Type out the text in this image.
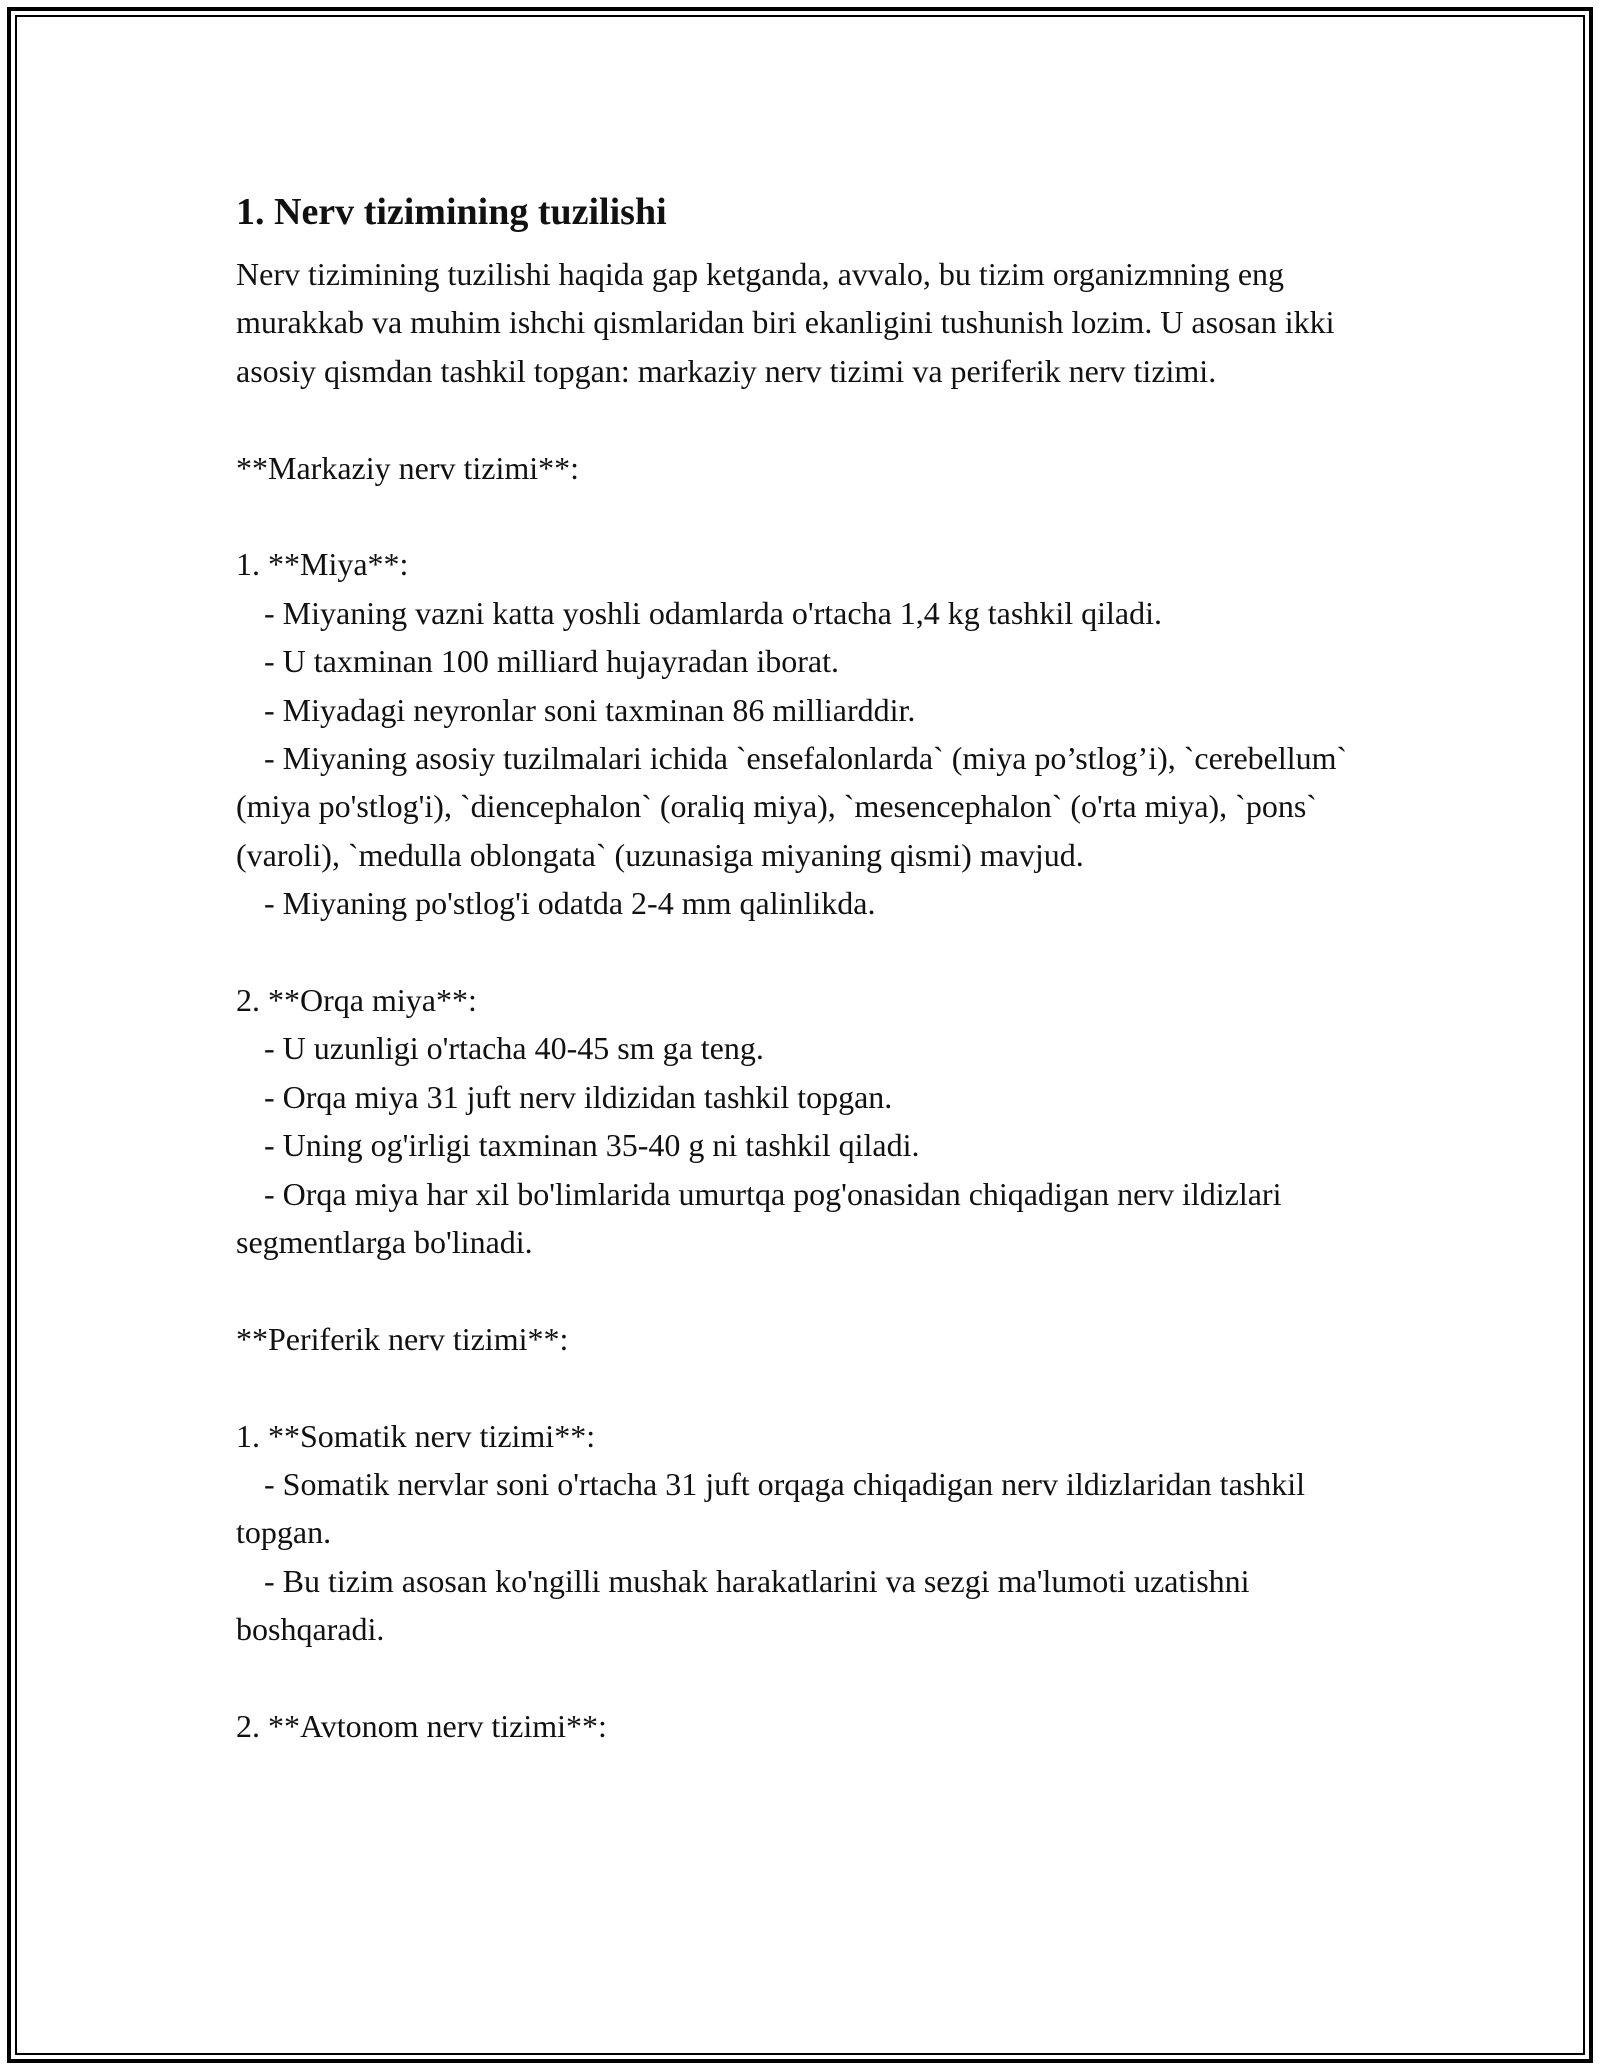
1. Nerv tizimining tuzilishi

Nerv tizimining tuzilishi haqida gap ketganda, avvalo, bu tizim organizmning eng murakkab va muhim ishchi qismlaridan biri ekanligini tushunish lozim. U asosan ikki asosiy qismdan tashkil topgan: markaziy nerv tizimi va periferik nerv tizimi.

**Markaziy nerv tizimi**:

1. **Miya**:

- Miyaning vazni katta yoshli odamlarda o'rtacha 1,4 kg tashkil qiladi.

- U taxminan 100 milliard hujayradan iborat.

- Miyadagi neyronlar soni taxminan 86 milliarddir.

- Miyaning asosiy tuzilmalari ichida `ensefalonlarda` (miya po’stlog’i), `cerebellum` (miya po'stlog'i), `diencephalon` (oraliq miya), `mesencephalon` (o'rta miya), `pons` (varoli), `medulla oblongata` (uzunasiga miyaning qismi) mavjud.

- Miyaning po'stlog'i odatda 2-4 mm qalinlikda.

2. **Orqa miya**:

- U uzunligi o'rtacha 40-45 sm ga teng.

- Orqa miya 31 juft nerv ildizidan tashkil topgan.

- Uning og'irligi taxminan 35-40 g ni tashkil qiladi.

- Orqa miya har xil bo'limlarida umurtqa pog'onasidan chiqadigan nerv ildizlari segmentlarga bo'linadi.

**Periferik nerv tizimi**:

1. **Somatik nerv tizimi**:

- Somatik nervlar soni o'rtacha 31 juft orqaga chiqadigan nerv ildizlaridan tashkil topgan.

- Bu tizim asosan ko'ngilli mushak harakatlarini va sezgi ma'lumoti uzatishni boshqaradi.

2. **Avtonom nerv tizimi**:
